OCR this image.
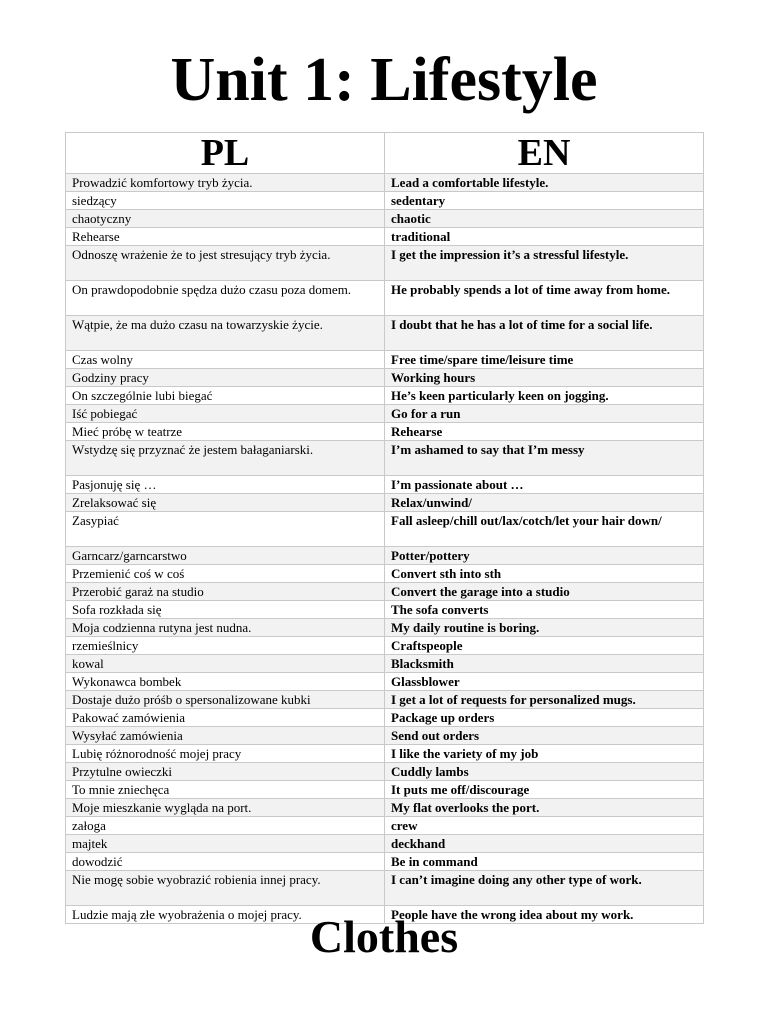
Unit 1: Lifestyle
PL	EN
Prowadzić komfortowy tryb życia.	Lead a comfortable lifestyle.
siedzący	sedentary
chaotyczny	chaotic
Rehearse	traditional
Odnoszę wrażenie że to jest stresujący tryb życia.	I get the impression it’s a stressful lifestyle.
On prawdopodobnie spędza dużo czasu poza domem.	He probably spends a lot of time away from home.
Wątpie, że ma dużo czasu na towarzyskie życie.	I doubt that he has a lot of time for a social life.
Czas wolny	Free time/spare time/leisure time
Godziny pracy	Working hours
On szczególnie lubi biegać	He’s keen particularly keen on jogging.
Iść pobiegać	Go for a run
Mieć próbę w teatrze	Rehearse
Wstydzę się przyznać że jestem bałaganiarski.	I’m ashamed to say that I’m messy
Pasjonuję się …	I’m passionate about …
Zrelaksować się	Relax/unwind/
Zasypiać	Fall asleep/chill out/lax/cotch/let your hair down/
Garncarz/garncarstwo	Potter/pottery
Przemienić coś w coś	Convert sth into sth
Przerobić garaż na studio	Convert the garage into a studio
Sofa rozkłada się	The sofa converts
Moja codzienna rutyna jest nudna.	My daily routine is boring.
rzemieślnicy	Craftspeople
kowal	Blacksmith
Wykonawca bombek	Glassblower
Dostaje dużo próśb o spersonalizowane kubki	I get a lot of requests for personalized mugs.
Pakować zamówienia	Package up orders
Wysyłać zamówienia	Send out orders
Lubię różnorodność mojej pracy	I like the variety of my job
Przytulne owieczki	Cuddly lambs
To mnie zniechęca	It puts me off/discourage
Moje mieszkanie wygląda na port.	My flat overlooks the port.
załoga	crew
majtek	deckhand
dowodzić	Be in command
Nie mogę sobie wyobrazić robienia innej pracy.	I can’t imagine doing any other type of work.
Ludzie mają złe wyobrażenia o mojej pracy.	People have the wrong idea about my work.
Clothes
